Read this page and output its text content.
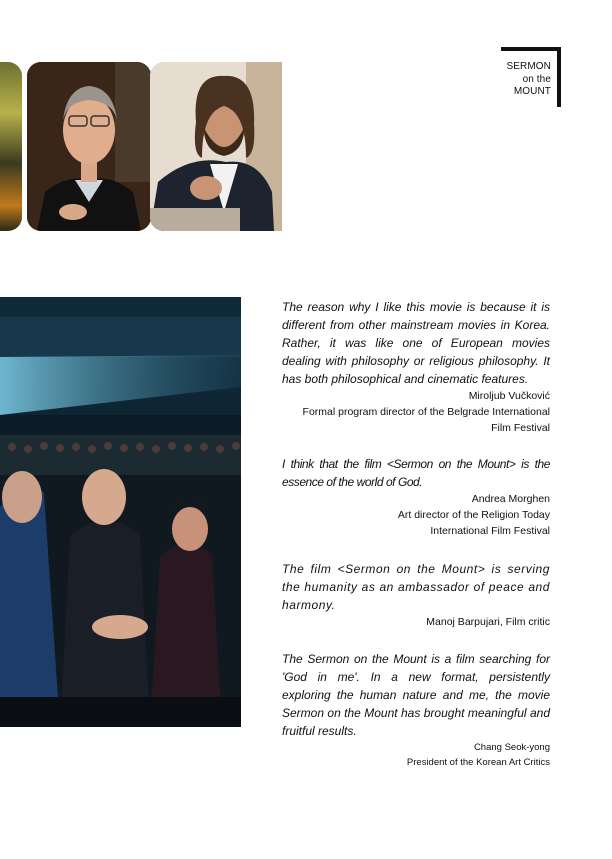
SERMON
on the
MOUNT

The reason why I like this movie is because it is different from other mainstream movies in Korea. Rather, it was like one of European movies dealing with philosophy or religious philosophy. It has both philosophical and cinematic features.

Miroljub Vučković
Formal program director of the Belgrade International
Film Festival

I think that the film <Sermon on the Mount> is the essence of the world of God.

Andrea Morghen
Art director of the Religion Today
International Film Festival

The film <Sermon on the Mount> is serving the humanity as an ambassador of peace and harmony.

Manoj Barpujari, Film critic

The Sermon on the Mount is a film searching for 'God in me'. In a new format, persistently exploring the human nature and me, the movie Sermon on the Mount has brought meaningful and fruitful results.

Chang Seok-yong
President of the Korean Art Critics
